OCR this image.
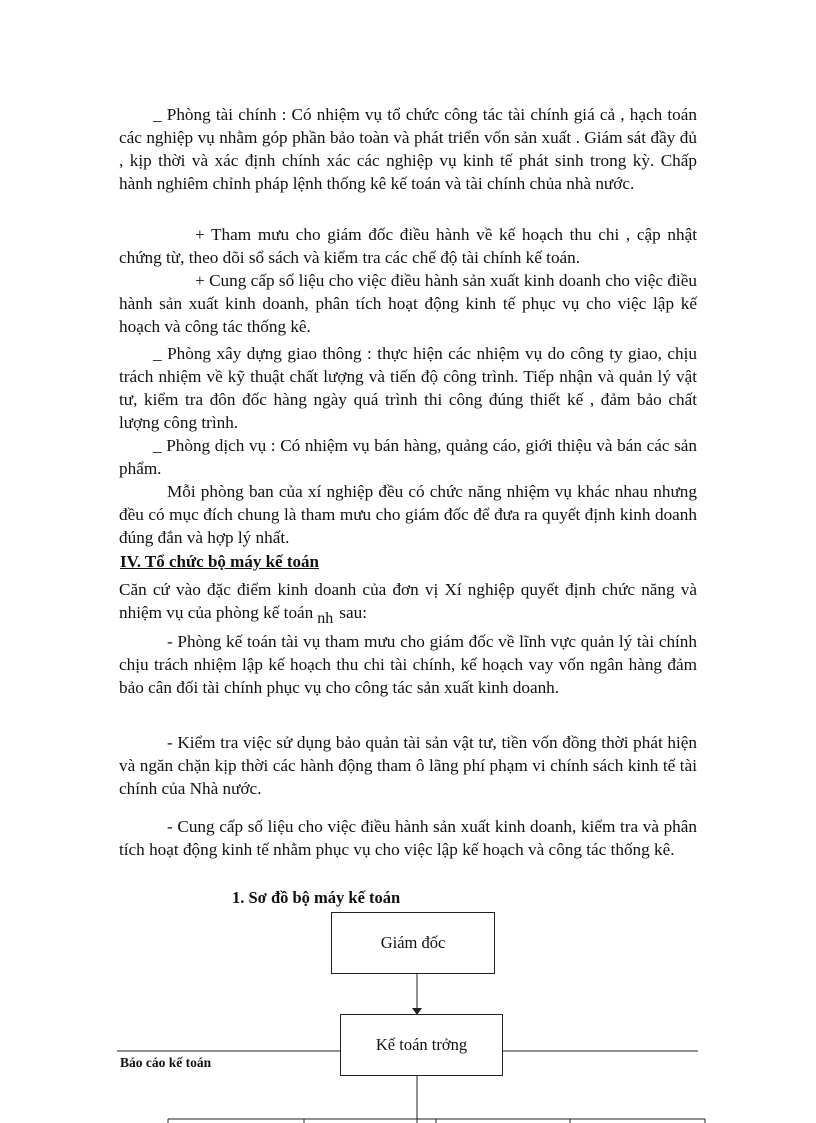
_ Phòng tài chính : Có nhiệm vụ tổ chức công tác tài chính giá cả , hạch toán các nghiệp vụ nhằm góp phần bảo toàn và phát triển vốn sản xuất . Giám sát đầy đủ , kịp thời và xác định chính xác các nghiệp vụ kinh tế phát sinh trong kỳ. Chấp hành nghiêm chỉnh pháp lệnh thống kê kế toán và tài chính chủa nhà nước.

+ Tham mưu cho giám đốc điều hành về kế hoạch thu chi , cập nhật chứng từ, theo dõi sổ sách và kiểm tra các chế độ tài chính kế toán.

+ Cung cấp số liệu cho việc điều hành sản xuất kinh doanh cho việc điều hành sản xuất kinh doanh, phân tích hoạt động kinh tế phục vụ cho việc lập kế hoạch và công tác thống kê.

_ Phòng xây dựng giao thông : thực hiện các nhiệm vụ do công ty giao, chịu trách nhiệm về kỹ thuật chất lượng và tiến độ công trình. Tiếp nhận và quản lý vật tư, kiểm tra đôn đốc hàng ngày quá trình thi công đúng thiết kế , đảm bảo chất lượng công trình.

_ Phòng dịch vụ : Có nhiệm vụ bán hàng, quảng cáo, giới thiệu và bán các sản phẩm.

Mỗi phòng ban của xí nghiệp đều có chức năng nhiệm vụ khác nhau nhưng đều có mục đích chung là tham mưu cho giám đốc để đưa ra quyết định kinh doanh đúng đắn và hợp lý nhất.

IV. Tổ chức bộ máy kế toán

Căn cứ vào đặc điểm kinh doanh của đơn vị Xí nghiệp quyết định chức năng và nhiệm vụ của phòng kế toán nh sau:

- Phòng kế toán tài vụ tham mưu cho giám đốc về lĩnh vực quản lý tài chính chịu trách nhiệm lập kế hoạch thu chi tài chính, kế hoạch vay vốn ngân hàng đảm bảo cân đối tài chính phục vụ cho công tác sản xuất kinh doanh.

- Kiểm tra việc sử dụng bảo quản tài sản vật tư, tiền vốn đồng thời phát hiện và ngăn chặn kịp thời các hành động tham ô lãng phí phạm vi chính sách kinh tế tài chính của Nhà nước.

- Cung cấp số liệu cho việc điều hành sản xuất kinh doanh, kiểm tra và phân tích hoạt động kinh tế nhằm phục vụ cho việc lập kế hoạch và công tác thống kê.

1. Sơ đồ bộ máy kế toán
Giám đốc
Kế toán trởng
Báo cáo kế toán
